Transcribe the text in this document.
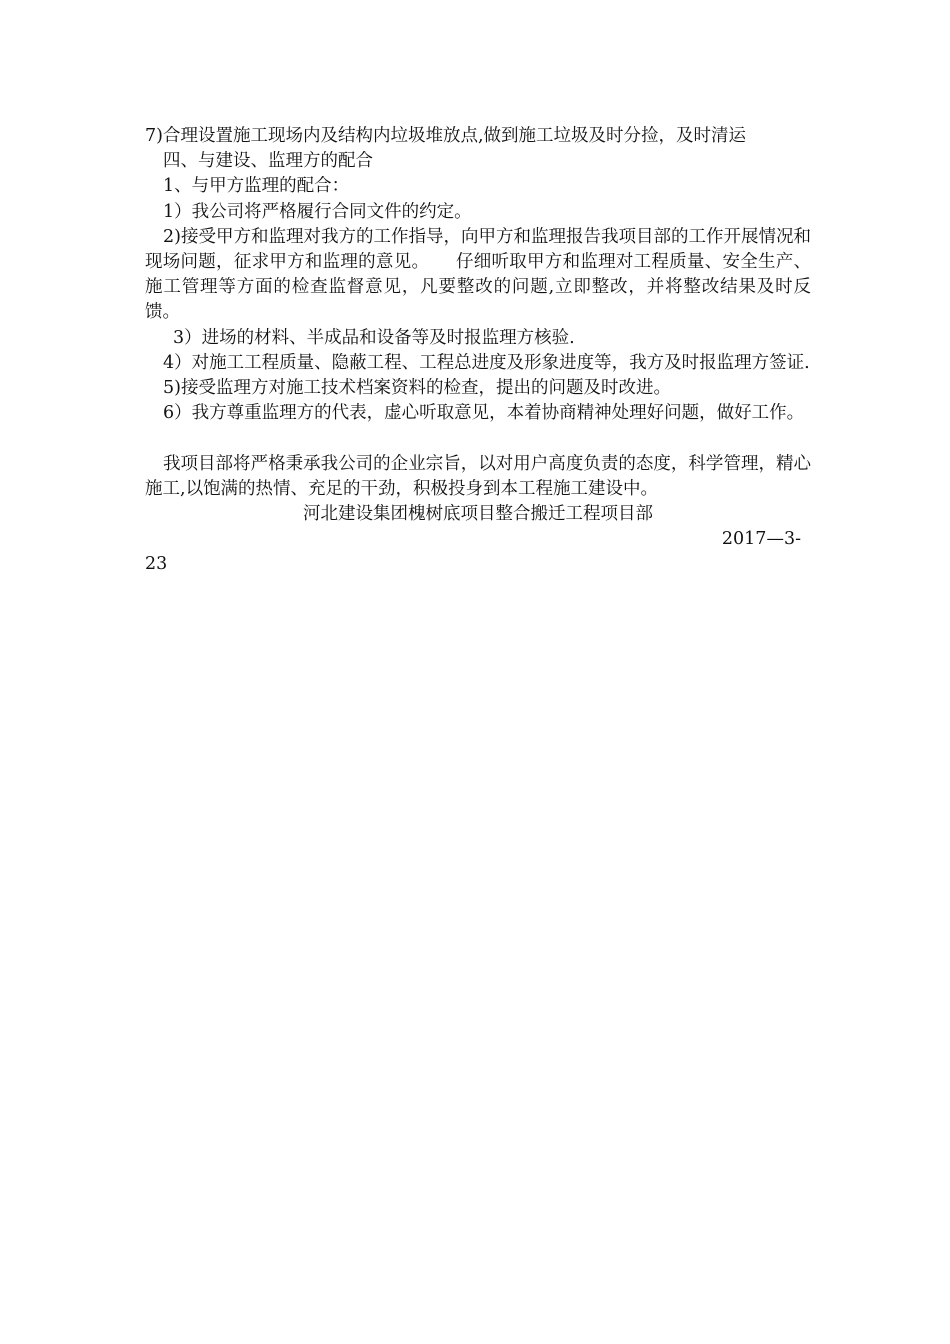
7)合理设置施工现场内及结构内垃圾堆放点,做到施工垃圾及时分捡，及时清运

四、与建设、监理方的配合

1、与甲方监理的配合：

1）我公司将严格履行合同文件的约定。

2)接受甲方和监理对我方的工作指导，向甲方和监理报告我项目部的工作开展情况和现场问题，征求甲方和监理的意见。　　仔细听取甲方和监理对工程质量、安全生产、施工管理等方面的检查监督意见，凡要整改的问题,立即整改，并将整改结果及时反馈。

3）进场的材料、半成品和设备等及时报监理方核验.

4）对施工工程质量、隐蔽工程、工程总进度及形象进度等，我方及时报监理方签证.

5)接受监理方对施工技术档案资料的检查，提出的问题及时改进。

6）我方尊重监理方的代表，虚心听取意见，本着协商精神处理好问题，做好工作。

我项目部将严格秉承我公司的企业宗旨，以对用户高度负责的态度，科学管理，精心施工,以饱满的热情、充足的干劲，积极投身到本工程施工建设中。

河北建设集团槐树底项目整合搬迁工程项目部

2017—3-

23
